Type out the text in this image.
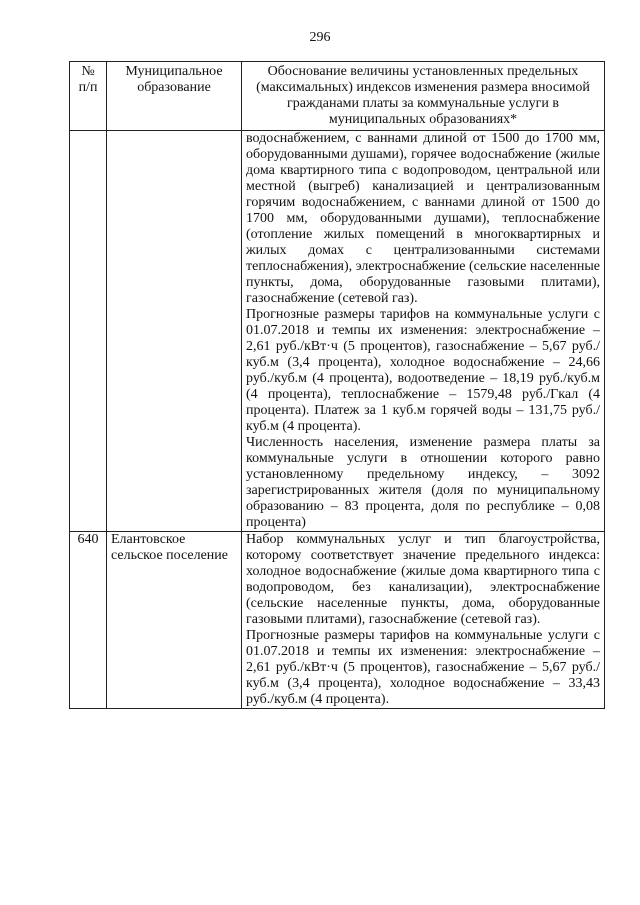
296
№ п/п	Муниципальное образование	Обоснование величины установленных предельных (максимальных) индексов изменения размера вносимой гражданами платы за коммунальные услуги в муниципальных образованиях*

		водоснабжением, с ваннами длиной от 1500 до 1700 мм, оборудованными душами), горячее водоснабжение (жилые дома квартирного типа с водопроводом, центральной или местной (выгреб) канализацией и централизованным горячим водоснабжением, с ваннами длиной от 1500 до 1700 мм, оборудованными душами), теплоснабжение (отопление жилых помещений в многоквартирных и жилых домах с централизованными системами теплоснабжения), электроснабжение (сельские населенные пункты, дома, оборудованные газовыми плитами), газоснабжение (сетевой газ).

Прогнозные размеры тарифов на коммунальные услуги с 01.07.2018 и темпы их изменения: электроснабжение – 2,61 руб./кВт·ч (5 процентов), газоснабжение – 5,67 руб./куб.м (3,4 процента), холодное водоснабжение – 24,66 руб./куб.м (4 процента), водоотведение – 18,19 руб./куб.м (4 процента), теплоснабжение – 1579,48 руб./Гкал (4 процента). Платеж за 1 куб.м горячей воды – 131,75 руб./куб.м (4 процента).

Численность населения, изменение размера платы за коммунальные услуги в отношении которого равно установленному предельному индексу, – 3092 зарегистрированных жителя (доля по муниципальному образованию – 83 процента, доля по республике – 0,08 процента)

640	Елантовское сельское поселение	Набор коммунальных услуг и тип благоустройства, которому соответствует значение предельного индекса: холодное водоснабжение (жилые дома квартирного типа с водопроводом, без канализации), электроснабжение (сельские населенные пункты, дома, оборудованные газовыми плитами), газоснабжение (сетевой газ).

Прогнозные размеры тарифов на коммунальные услуги с 01.07.2018 и темпы их изменения: электроснабжение – 2,61 руб./кВт·ч (5 процентов), газоснабжение – 5,67 руб./куб.м (3,4 процента), холодное водоснабжение – 33,43 руб./куб.м (4 процента).
